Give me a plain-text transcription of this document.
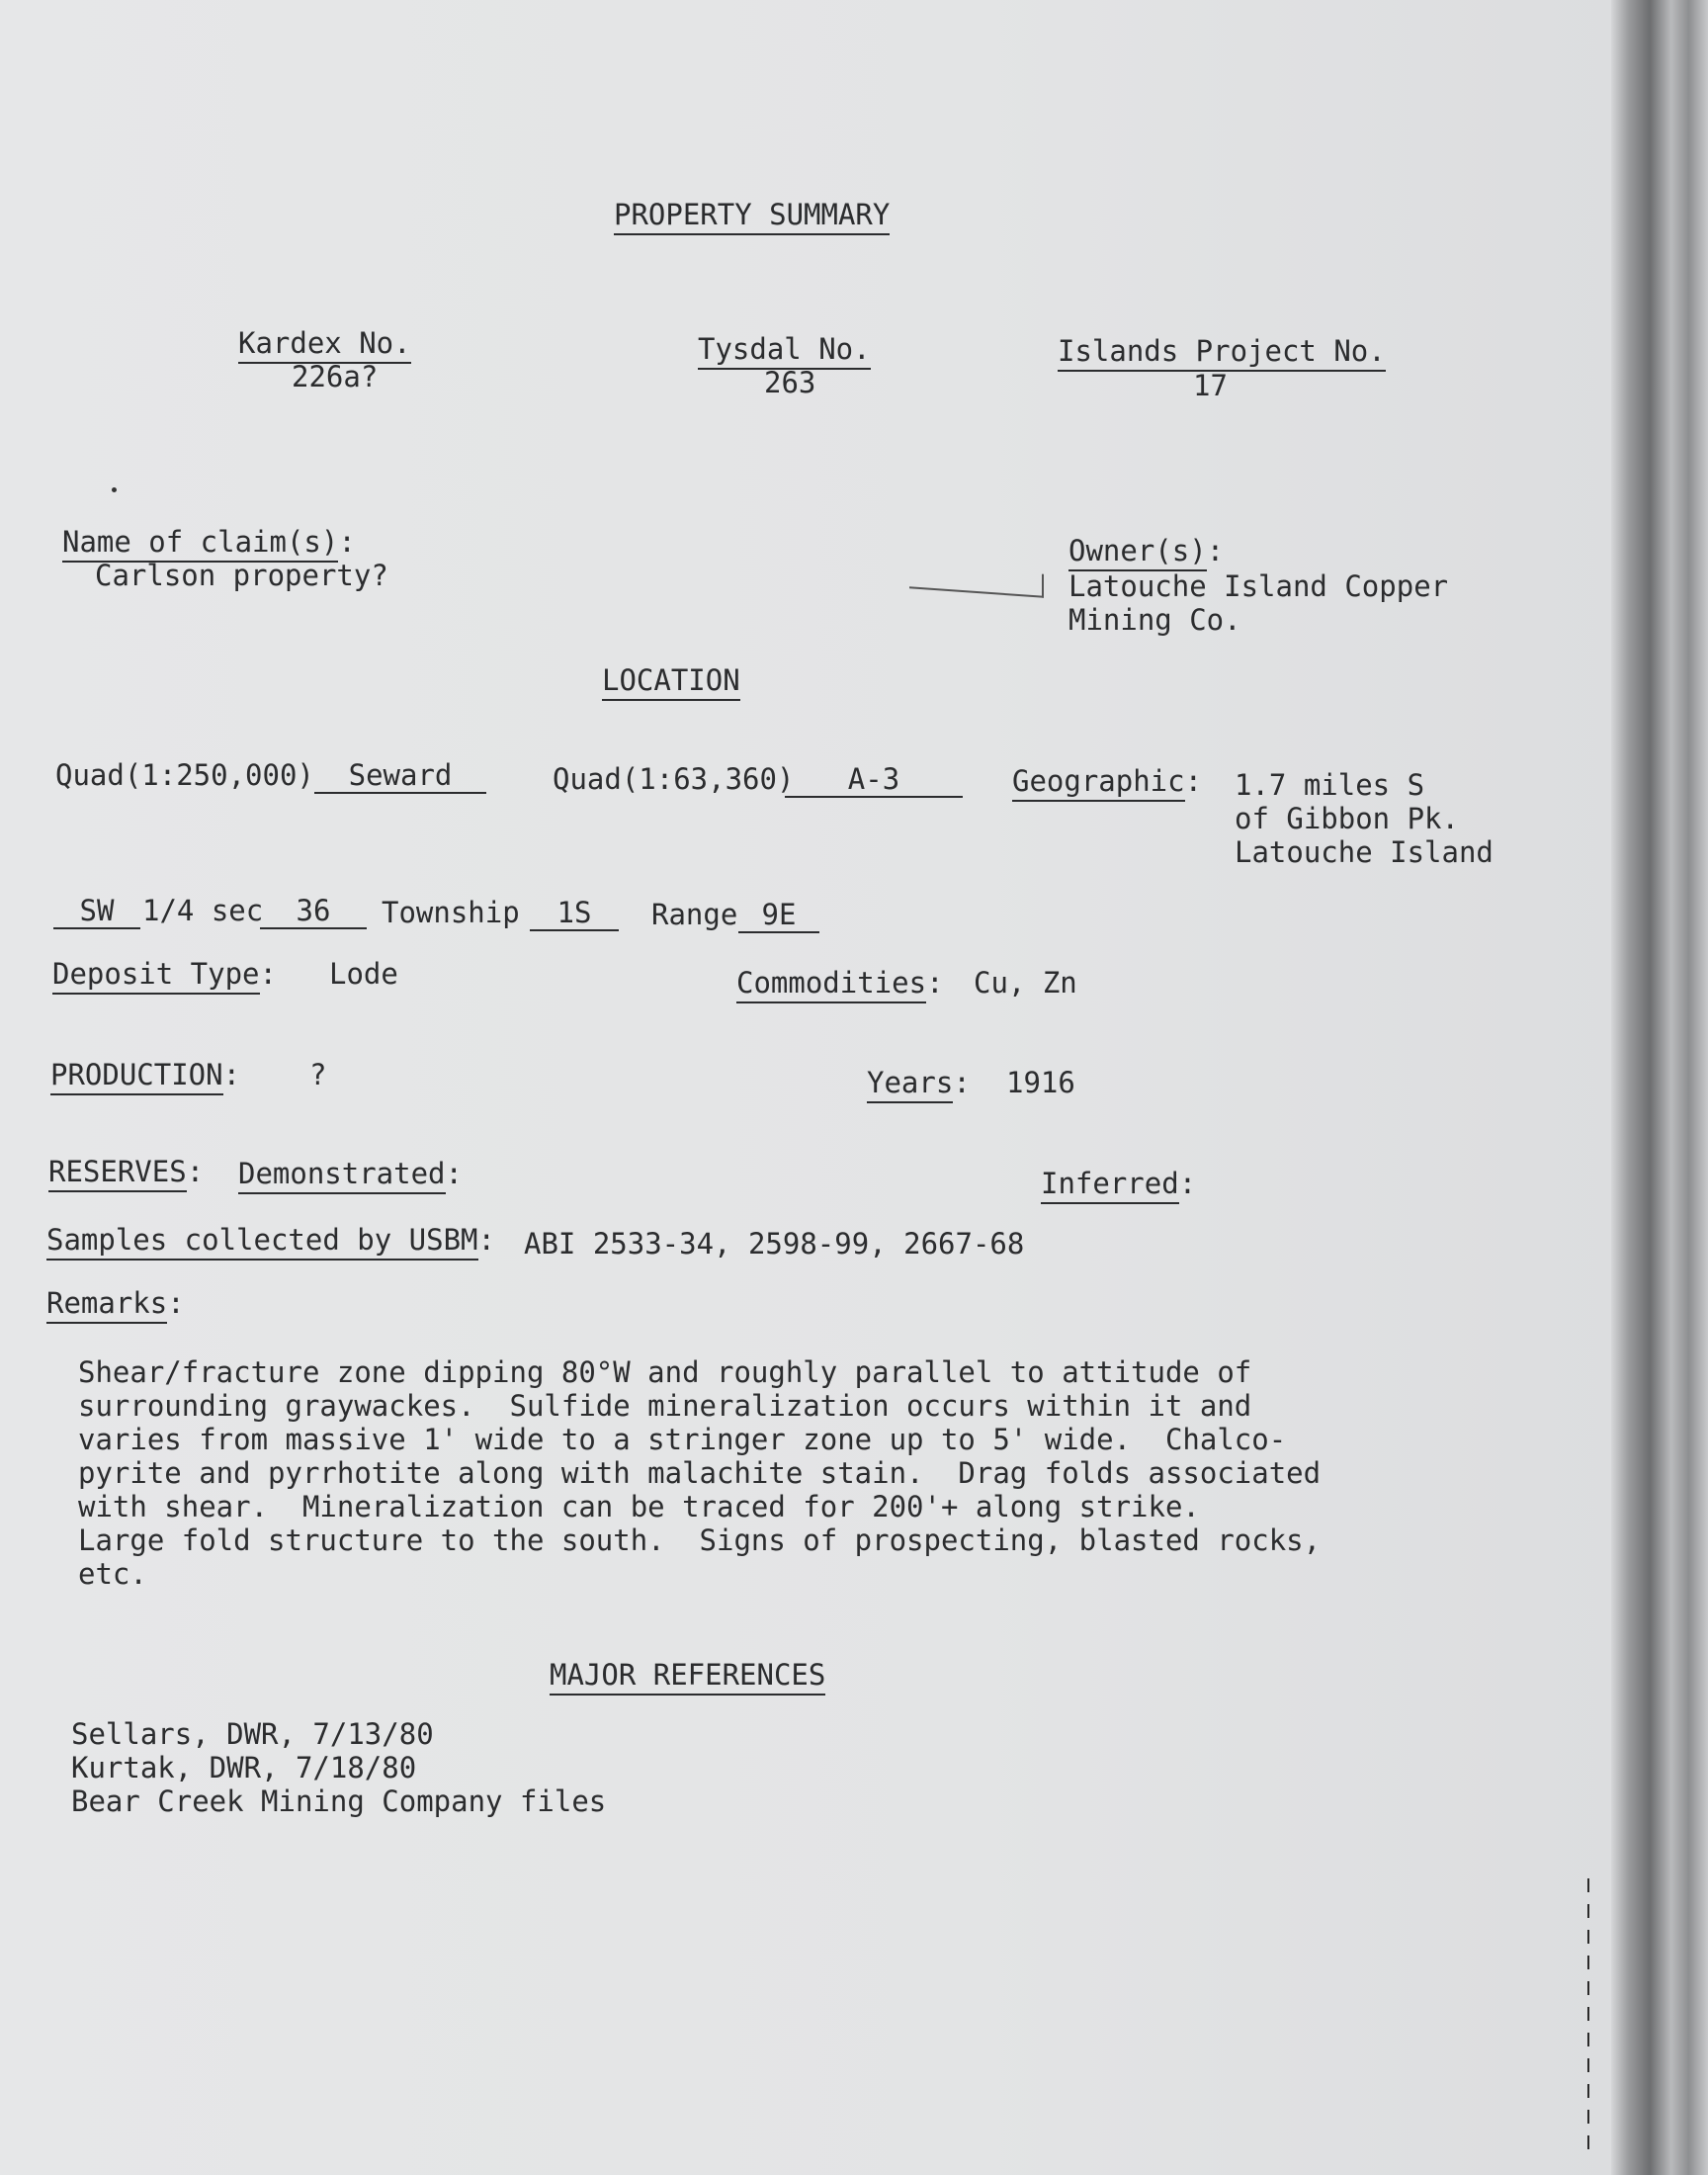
PROPERTY SUMMARY
Kardex No.
226a?
Tysdal No.
263
Islands Project No.
17
Name of claim(s):
Carlson property?
Owner(s):
Latouche Island Copper
Mining Co.
LOCATION
Quad(1:250,000)	Seward	Quad(1:63,360)	A-3	Geographic: 1.7 miles S
of Gibbon Pk.
Latouche Island
SW 1/4 sec	36	Township	1S	Range 9E
Deposit Type: Lode	Commodities: Cu, Zn
PRODUCTION: ?	Years: 1916
RESERVES: Demonstrated:	Inferred:
Samples collected by USBM: ABI 2533-34, 2598-99, 2667-68
Remarks:
Shear/fracture zone dipping 80°W and roughly parallel to attitude of
surrounding graywackes.  Sulfide mineralization occurs within it and
varies from massive 1' wide to a stringer zone up to 5' wide.  Chalco-
pyrite and pyrrhotite along with malachite stain.  Drag folds associated
with shear.  Mineralization can be traced for 200'+ along strike.
Large fold structure to the south.  Signs of prospecting, blasted rocks,
etc.
MAJOR REFERENCES
Sellars, DWR, 7/13/80
Kurtak, DWR, 7/18/80
Bear Creek Mining Company files
